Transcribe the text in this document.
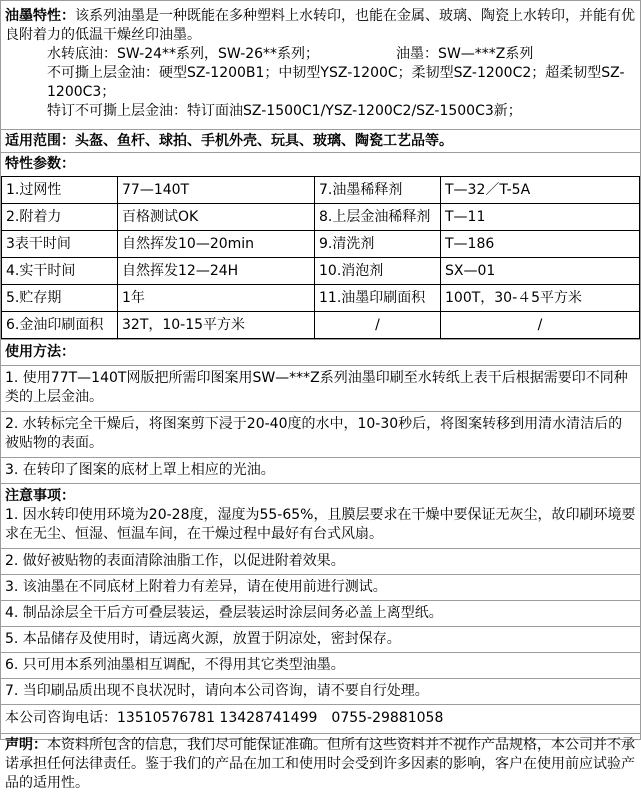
油墨特性：该系列油墨是一种既能在多种塑料上水转印，也能在金属、玻璃、陶瓷上水转印，并能有优良附着力的低温干燥丝印油墨。
水转底油：SW-24**系列，SW-26**系列；　　　　　　油墨：SW—***Z系列
不可撕上层金油：硬型SZ-1200B1；中韧型YSZ-1200C；柔韧型SZ-1200C2；超柔韧型SZ-1200C3；
特订不可撕上层金油：特订面油SZ-1500C1/YSZ-1200C2/SZ-1500C3新；
适用范围：头盔、鱼杆、球拍、手机外壳、玩具、玻璃、陶瓷工艺品等。
特性参数：
1.过网性	77—140T	7.油墨稀释剂	T—32／T-5A
2.附着力	百格测试OK	8.上层金油稀释剂	T—11
3表干时间	自然挥发10—20min	9.清洗剂	T—186
4.实干时间	自然挥发12—24H	10.消泡剂	SX—01
5.贮存期	1年	11.油墨印刷面积	100T，30-４5平方米
6.金油印刷面积	32T，10-15平方米	/	/
使用方法：
1. 使用77T—140T网版把所需印图案用SW—***Z系列油墨印刷至水转纸上表干后根据需要印不同种类的上层金油。
2. 水转标完全干燥后，将图案剪下浸于20-40度的水中，10-30秒后，将图案转移到用清水清洁后的被贴物的表面。
3. 在转印了图案的底材上罩上相应的光油。
注意事项：
1. 因水转印使用环境为20-28度，湿度为55-65%，且膜层要求在干燥中要保证无灰尘，故印刷环境要求在无尘、恒湿、恒温车间，在干燥过程中最好有台式风扇。
2. 做好被贴物的表面清除油脂工作，以促进附着效果。
3. 该油墨在不同底材上附着力有差异，请在使用前进行测试。
4. 制品涂层全干后方可叠层装运，叠层装运时涂层间务必盖上离型纸。
5. 本品储存及使用时，请远离火源，放置于阴凉处，密封保存。
6. 只可用本系列油墨相互调配，不得用其它类型油墨。
7. 当印刷品质出现不良状况时，请向本公司咨询，请不要自行处理。
本公司咨询电话：13510576781 13428741499　0755-29881058
声明：本资料所包含的信息，我们尽可能保证准确。但所有这些资料并不视作产品规格，本公司并不承诺承担任何法律责任。鉴于我们的产品在加工和使用时会受到许多因素的影响，客户在使用前应试验产品的适用性。
